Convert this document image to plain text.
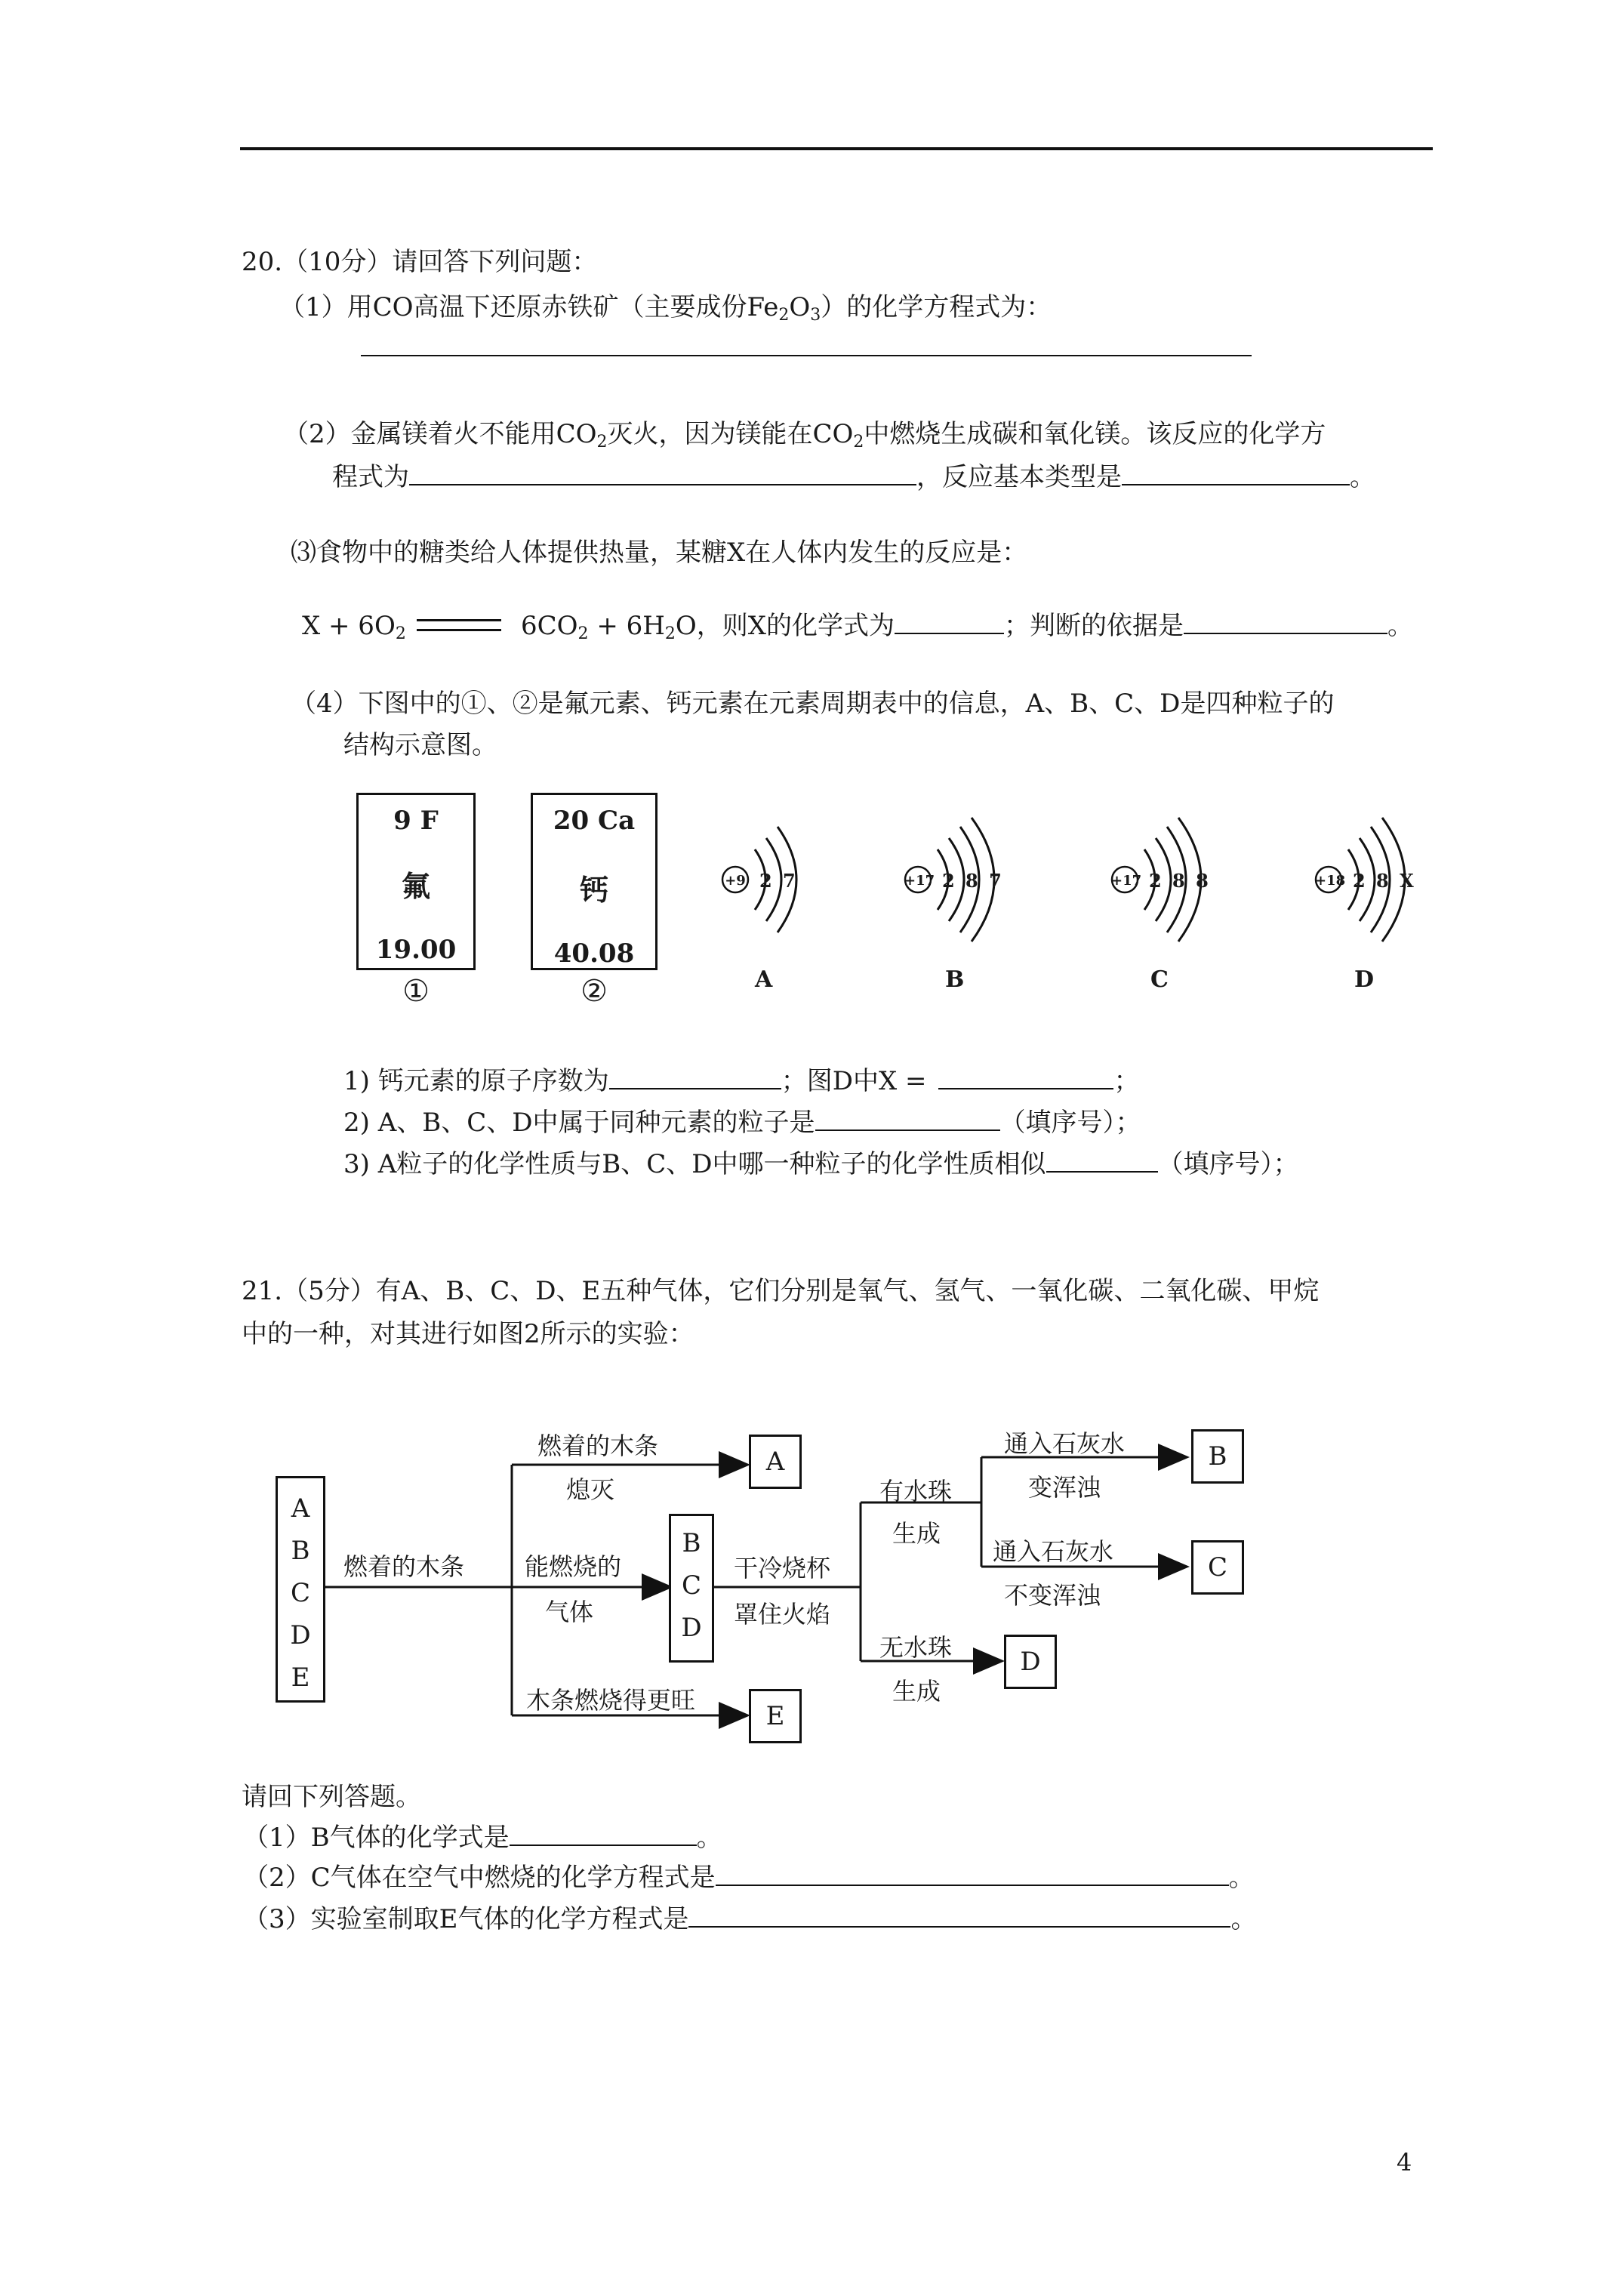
20.（10分）请回答下列问题：
（1）用CO高温下还原赤铁矿（主要成份$Fe_2O_3$）的化学方程式为：
（2）金属镁着火不能用$CO_2$灭火，因为镁能在$CO_2$中燃烧生成碳和氧化镁。该反应的化学方
程式为	，反应基本类型是	。
⑶食物中的糖类给人体提供热量，某糖X在人体内发生的反应是：
$X + 6O_2$	$6CO_2 + 6H_2O$，则X的化学式为	；判断的依据是	。
（4）下图中的①、②是氟元素、钙元素在元素周期表中的信息，A、B、C、D是四种粒子的
结构示意图。
9 F
氟
19.00
①
20 Ca
钙
40.08
②
+9 2 7
A
+17 2 8 7
B
+17 2 8 8
C
+18 2 8 X
D
1) 钙元素的原子序数为	；图D中X =	；
2) A、B、C、D中属于同种元素的粒子是	（填序号）；
3) A粒子的化学性质与B、C、D中哪一种粒子的化学性质相似	（填序号）；
21.（5分）有A、B、C、D、E五种气体，它们分别是氧气、氢气、一氧化碳、二氧化碳、甲烷
中的一种，对其进行如图2所示的实验：
A
B
C
D
E
燃着的木条
燃着的木条
熄灭
A
能燃烧的
气体
B
C
D
干冷烧杯
罩住火焰
木条燃烧得更旺
E
有水珠
生成
无水珠
生成
D
通入石灰水
变浑浊
B
通入石灰水
不变浑浊
C
请回下列答题。
（1）B气体的化学式是	。
（2）C气体在空气中燃烧的化学方程式是	。
（3）实验室制取E气体的化学方程式是	。
4
